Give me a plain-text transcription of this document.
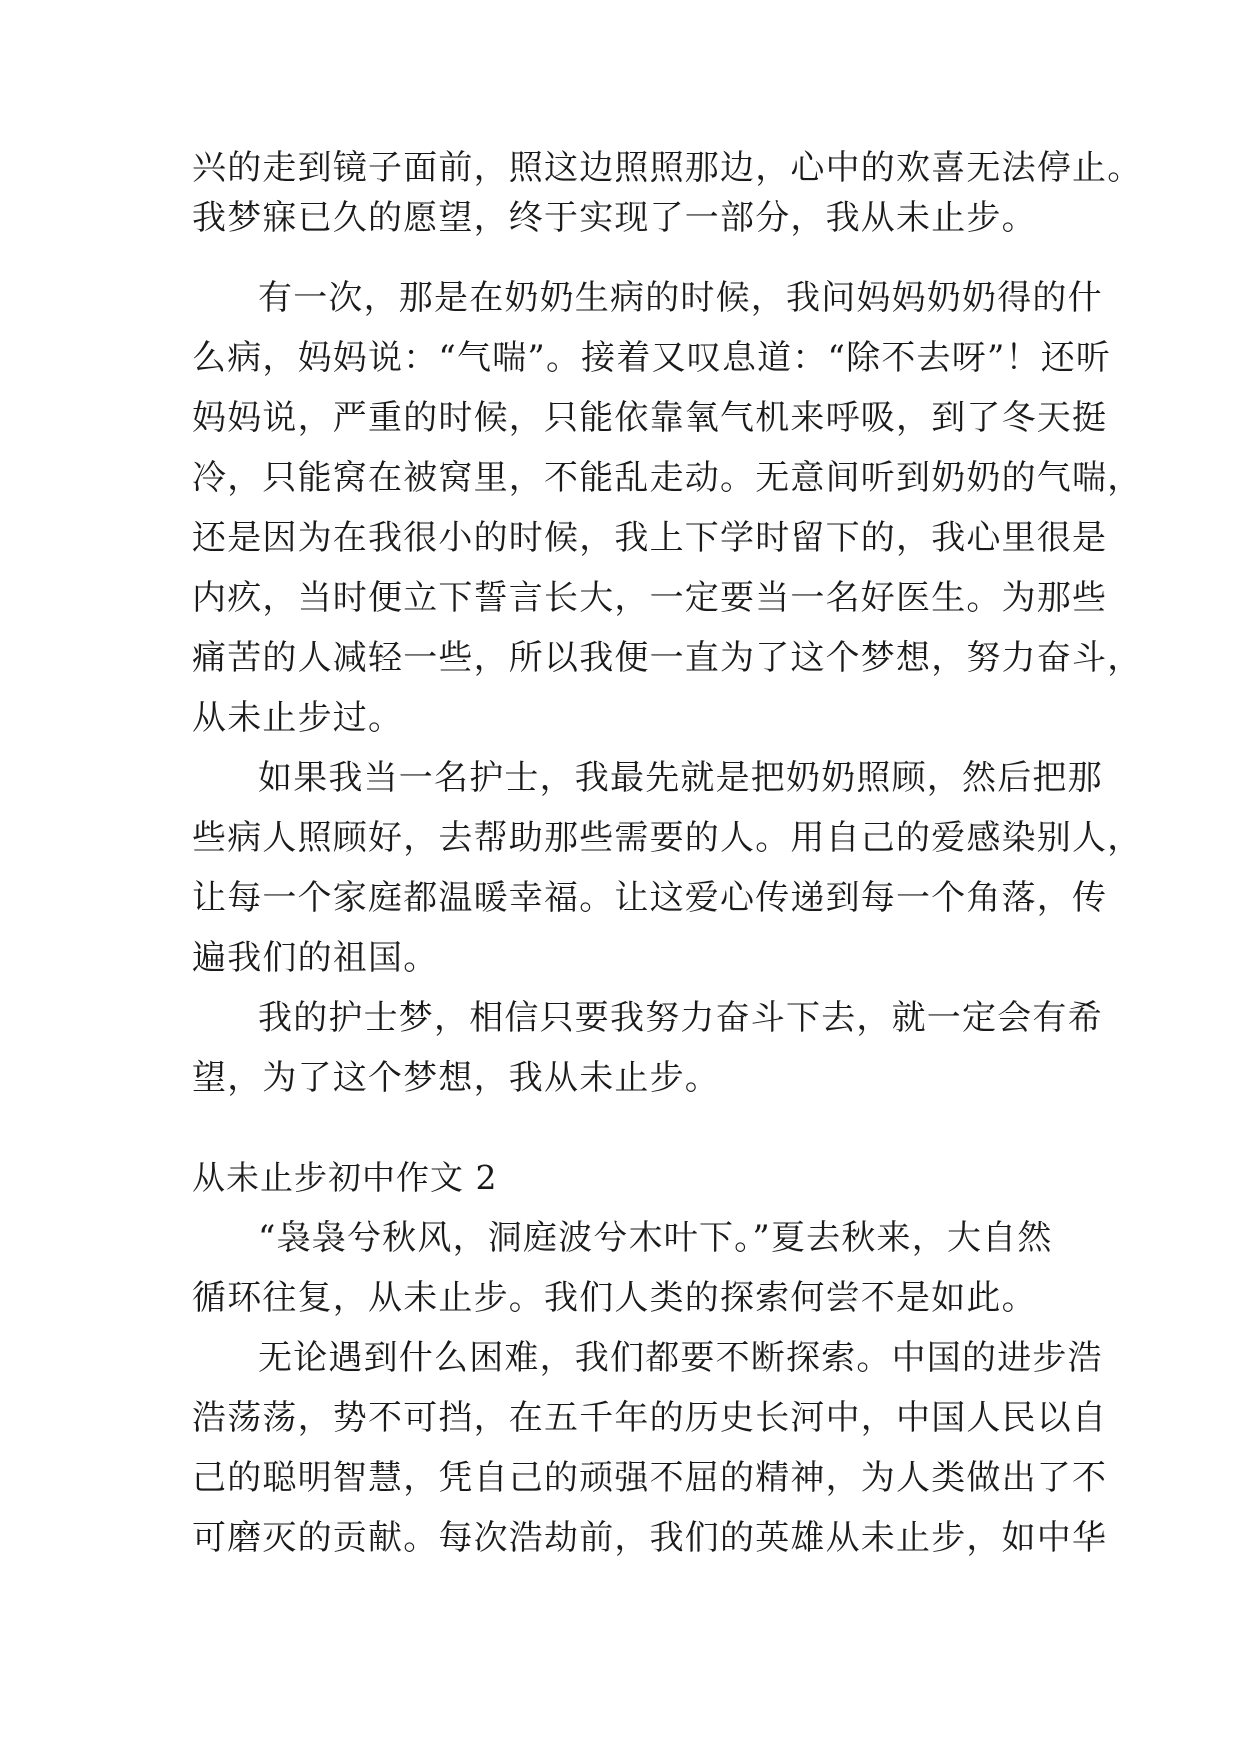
兴的走到镜子面前，照这边照照那边，心中的欢喜无法停止。
我梦寐已久的愿望，终于实现了一部分，我从未止步。
有一次，那是在奶奶生病的时候，我问妈妈奶奶得的什
么病，妈妈说：“气喘”。接着又叹息道：“除不去呀”！还听
妈妈说，严重的时候，只能依靠氧气机来呼吸，到了冬天挺
冷，只能窝在被窝里，不能乱走动。无意间听到奶奶的气喘，
还是因为在我很小的时候，我上下学时留下的，我心里很是
内疚，当时便立下誓言长大，一定要当一名好医生。为那些
痛苦的人减轻一些，所以我便一直为了这个梦想，努力奋斗，
从未止步过。
如果我当一名护士，我最先就是把奶奶照顾，然后把那
些病人照顾好，去帮助那些需要的人。用自己的爱感染别人，
让每一个家庭都温暖幸福。让这爱心传递到每一个角落，传
遍我们的祖国。
我的护士梦，相信只要我努力奋斗下去，就一定会有希
望，为了这个梦想，我从未止步。
从未止步初中作文 2
“袅袅兮秋风，洞庭波兮木叶下。”夏去秋来，大自然
循环往复，从未止步。我们人类的探索何尝不是如此。
无论遇到什么困难，我们都要不断探索。中国的进步浩
浩荡荡，势不可挡，在五千年的历史长河中，中国人民以自
己的聪明智慧，凭自己的顽强不屈的精神，为人类做出了不
可磨灭的贡献。每次浩劫前，我们的英雄从未止步，如中华
